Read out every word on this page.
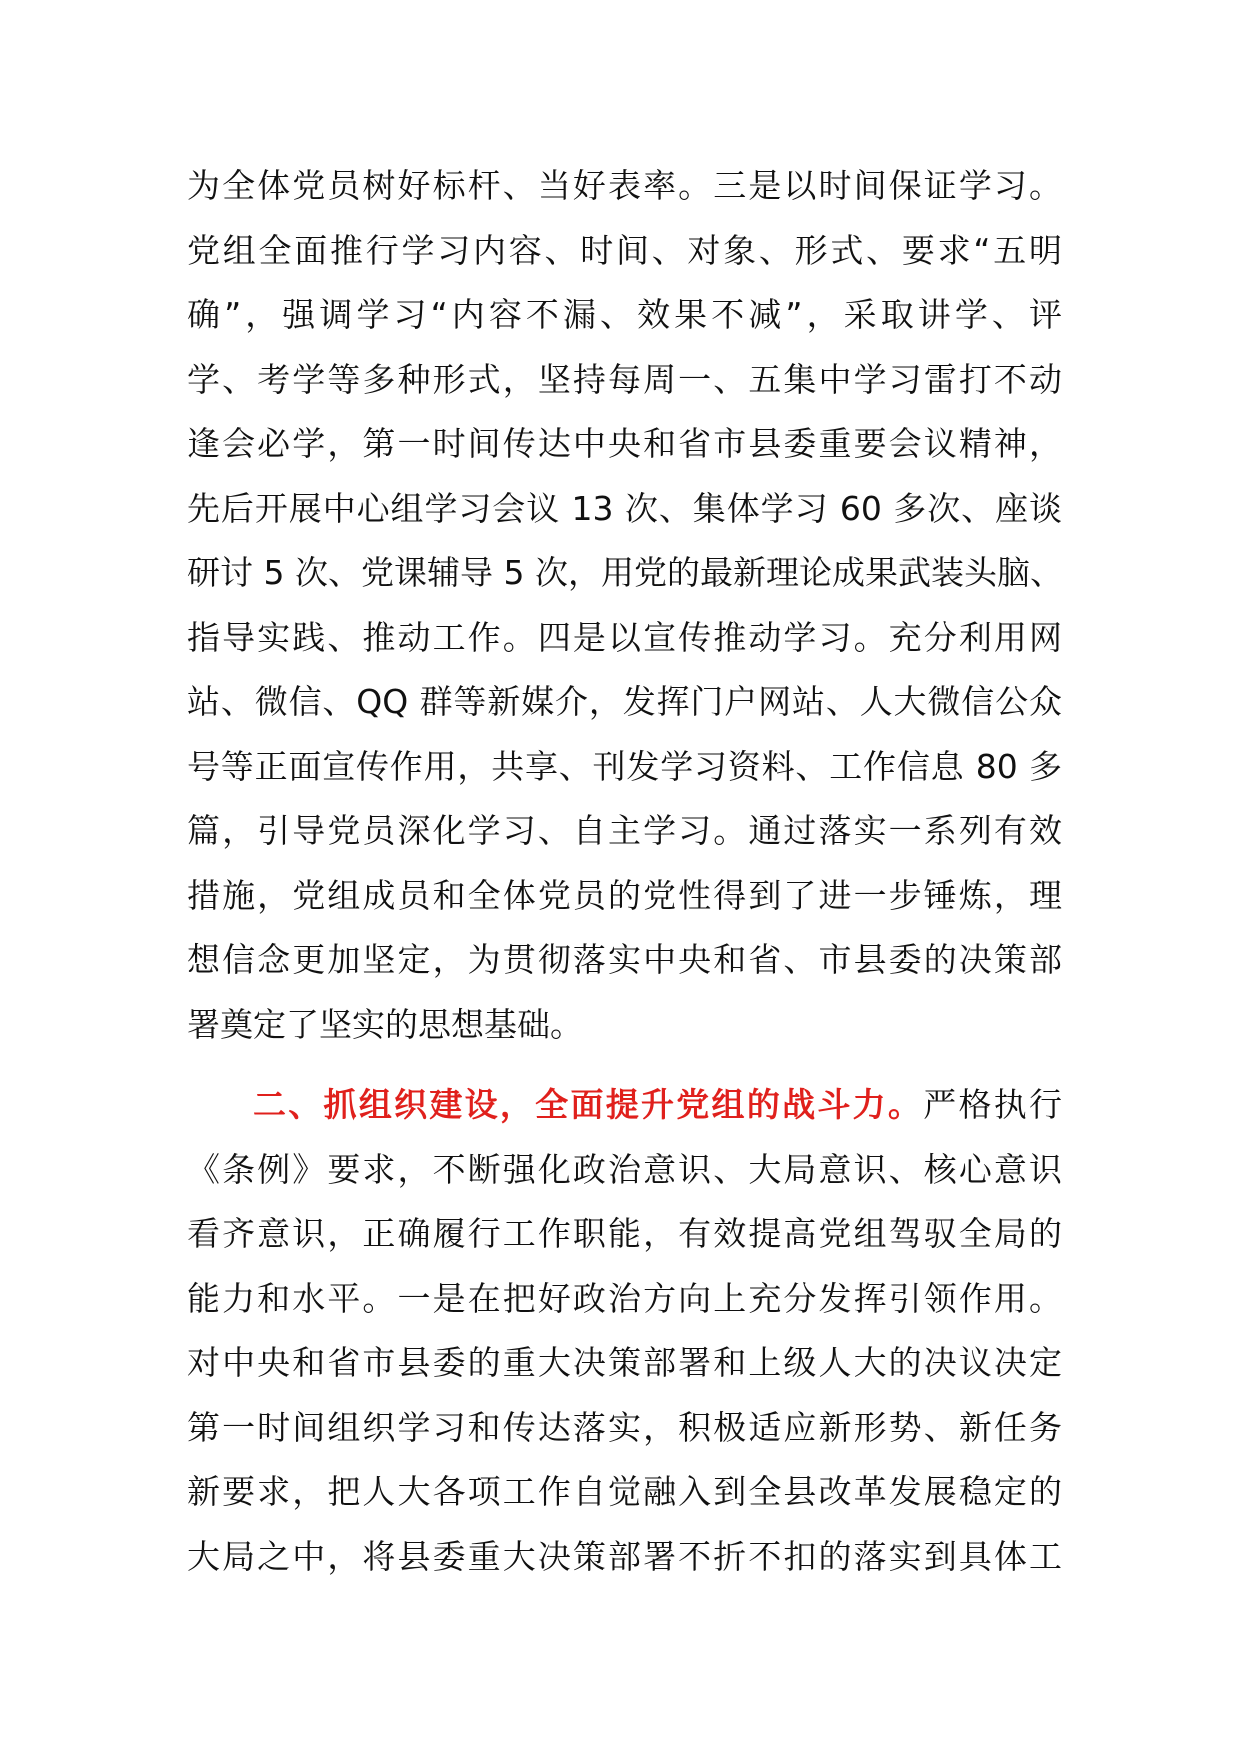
为全体党员树好标杆、当好表率。三是以时间保证学习。
党组全面推行学习内容、时间、对象、形式、要求“五明
确”，强调学习“内容不漏、效果不减”，采取讲学、评
学、考学等多种形式，坚持每周一、五集中学习雷打不动
逢会必学，第一时间传达中央和省市县委重要会议精神，
先后开展中心组学习会议 13 次、集体学习 60 多次、座谈
研讨 5 次、党课辅导 5 次，用党的最新理论成果武装头脑、
指导实践、推动工作。四是以宣传推动学习。充分利用网
站、微信、QQ 群等新媒介，发挥门户网站、人大微信公众
号等正面宣传作用，共享、刊发学习资料、工作信息 80 多
篇，引导党员深化学习、自主学习。通过落实一系列有效
措施，党组成员和全体党员的党性得到了进一步锤炼，理
想信念更加坚定，为贯彻落实中央和省、市县委的决策部
署奠定了坚实的思想基础。
二、抓组织建设，全面提升党组的战斗力。严格执行
《条例》要求，不断强化政治意识、大局意识、核心意识
看齐意识，正确履行工作职能，有效提高党组驾驭全局的
能力和水平。一是在把好政治方向上充分发挥引领作用。
对中央和省市县委的重大决策部署和上级人大的决议决定
第一时间组织学习和传达落实，积极适应新形势、新任务
新要求，把人大各项工作自觉融入到全县改革发展稳定的
大局之中，将县委重大决策部署不折不扣的落实到具体工
